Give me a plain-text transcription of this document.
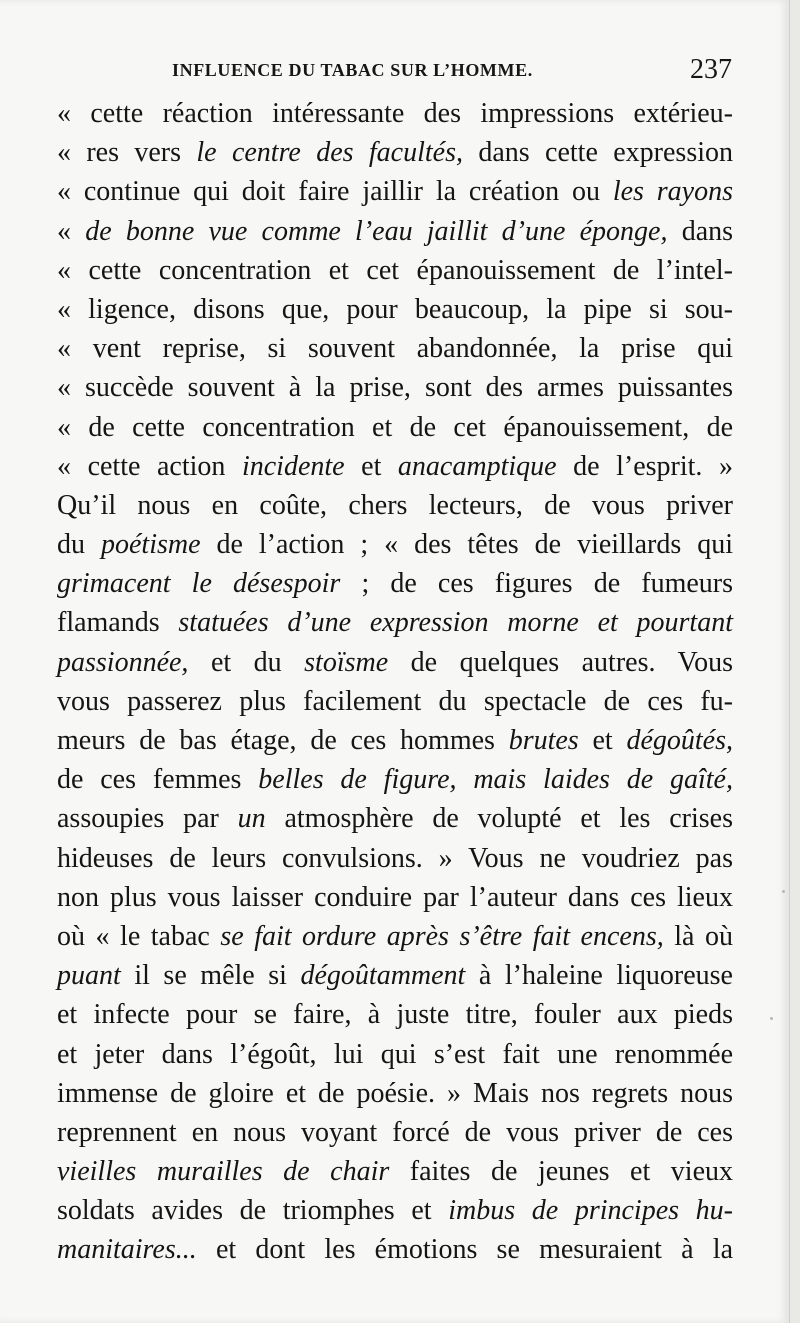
INFLUENCE DU TABAC SUR L’HOMME.	237
« cette réaction intéressante des impressions extérieu-
« res vers le centre des facultés, dans cette expression
« continue qui doit faire jaillir la création ou les rayons
« de bonne vue comme l’eau jaillit d’une éponge, dans
« cette concentration et cet épanouissement de l’intel-
« ligence, disons que, pour beaucoup, la pipe si sou-
« vent reprise, si souvent abandonnée, la prise qui
« succède souvent à la prise, sont des armes puissantes
« de cette concentration et de cet épanouissement, de
« cette action incidente et anacamptique de l’esprit. »
Qu’il nous en coûte, chers lecteurs, de vous priver
du poétisme de l’action ; « des têtes de vieillards qui
grimacent le désespoir ; de ces figures de fumeurs
flamands statuées d’une expression morne et pourtant
passionnée, et du stoïsme de quelques autres. Vous
vous passerez plus facilement du spectacle de ces fu-
meurs de bas étage, de ces hommes brutes et dégoûtés,
de ces femmes belles de figure, mais laides de gaîté,
assoupies par un atmosphère de volupté et les crises
hideuses de leurs convulsions. » Vous ne voudriez pas
non plus vous laisser conduire par l’auteur dans ces lieux
où « le tabac se fait ordure après s’être fait encens, là où
puant il se mêle si dégoûtamment à l’haleine liquoreuse
et infecte pour se faire, à juste titre, fouler aux pieds
et jeter dans l’égoût, lui qui s’est fait une renommée
immense de gloire et de poésie. » Mais nos regrets nous
reprennent en nous voyant forcé de vous priver de ces
vieilles murailles de chair faites de jeunes et vieux
soldats avides de triomphes et imbus de principes hu-
manitaires... et dont les émotions se mesuraient à la
